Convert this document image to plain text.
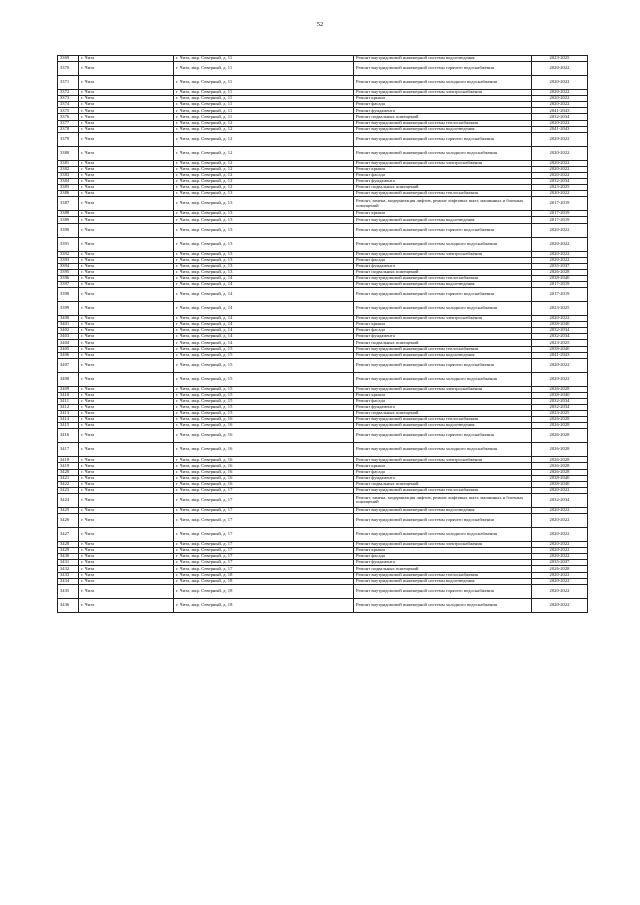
52
3369	г. Чита	г. Чита, мкр. Северный, д. 11	Ремонт внутридомовой инженерной системы водоотведения	2023-2025
3370	г. Чита	г. Чита, мкр. Северный, д. 11	Ремонт внутридомовой инженерной системы горячего водоснабжения	2020-2022
3371	г. Чита	г. Чита, мкр. Северный, д. 11	Ремонт внутридомовой инженерной системы холодного водоснабжения	2020-2022
3372	г. Чита	г. Чита, мкр. Северный, д. 11	Ремонт внутридомовой инженерной системы электроснабжения	2020-2022
3373	г. Чита	г. Чита, мкр. Северный, д. 11	Ремонт крыши	2020-2022
3374	г. Чита	г. Чита, мкр. Северный, д. 11	Ремонт фасада	2020-2022
3375	г. Чита	г. Чита, мкр. Северный, д. 11	Ремонт фундамента	2041-2043
3376	г. Чита	г. Чита, мкр. Северный, д. 11	Ремонт подвальных помещений	2032-2034
3377	г. Чита	г. Чита, мкр. Северный, д. 12	Ремонт внутридомовой инженерной системы теплоснабжения	2020-2022
3378	г. Чита	г. Чита, мкр. Северный, д. 12	Ремонт внутридомовой инженерной системы водоотведения	2041-2043
3379	г. Чита	г. Чита, мкр. Северный, д. 12	Ремонт внутридомовой инженерной системы горячего водоснабжения	2020-2022
3380	г. Чита	г. Чита, мкр. Северный, д. 12	Ремонт внутридомовой инженерной системы холодного водоснабжения	2020-2022
3381	г. Чита	г. Чита, мкр. Северный, д. 12	Ремонт внутридомовой инженерной системы электроснабжения	2020-2022
3382	г. Чита	г. Чита, мкр. Северный, д. 12	Ремонт крыши	2020-2022
3383	г. Чита	г. Чита, мкр. Северный, д. 12	Ремонт фасада	2020-2022
3384	г. Чита	г. Чита, мкр. Северный, д. 12	Ремонт фундамента	2032-2034
3385	г. Чита	г. Чита, мкр. Северный, д. 12	Ремонт подвальных помещений	2023-2025
3386	г. Чита	г. Чита, мкр. Северный, д. 13	Ремонт внутридомовой инженерной системы теплоснабжения	2020-2022
3387	г. Чита	г. Чита, мкр. Северный, д. 13	Ремонт, замена, модернизация лифтов, ремонт лифтовых шахт, машинных и блочных помещений	2017-2019
3388	г. Чита	г. Чита, мкр. Северный, д. 13	Ремонт крыши	2017-2019
3389	г. Чита	г. Чита, мкр. Северный, д. 13	Ремонт внутридомовой инженерной системы водоотведения	2017-2019
3390	г. Чита	г. Чита, мкр. Северный, д. 13	Ремонт внутридомовой инженерной системы горячего водоснабжения	2020-2022
3391	г. Чита	г. Чита, мкр. Северный, д. 13	Ремонт внутридомовой инженерной системы холодного водоснабжения	2020-2022
3392	г. Чита	г. Чита, мкр. Северный, д. 13	Ремонт внутридомовой инженерной системы электроснабжения	2020-2022
3393	г. Чита	г. Чита, мкр. Северный, д. 13	Ремонт фасада	2020-2022
3394	г. Чита	г. Чита, мкр. Северный, д. 13	Ремонт фундамента	2035-2037
3395	г. Чита	г. Чита, мкр. Северный, д. 13	Ремонт подвальных помещений	2026-2028
3396	г. Чита	г. Чита, мкр. Северный, д. 14	Ремонт внутридомовой инженерной системы теплоснабжения	2038-2040
3397	г. Чита	г. Чита, мкр. Северный, д. 14	Ремонт внутридомовой инженерной системы водоотведения	2017-2019
3398	г. Чита	г. Чита, мкр. Северный, д. 14	Ремонт внутридомовой инженерной системы горячего водоснабжения	2017-2019
3399	г. Чита	г. Чита, мкр. Северный, д. 14	Ремонт внутридомовой инженерной системы холодного водоснабжения	2023-2025
3400	г. Чита	г. Чита, мкр. Северный, д. 14	Ремонт внутридомовой инженерной системы электроснабжения	2020-2022
3401	г. Чита	г. Чита, мкр. Северный, д. 14	Ремонт крыши	2038-2040
3402	г. Чита	г. Чита, мкр. Северный, д. 14	Ремонт фасада	2032-2034
3403	г. Чита	г. Чита, мкр. Северный, д. 14	Ремонт фундамента	2032-2034
3404	г. Чита	г. Чита, мкр. Северный, д. 14	Ремонт подвальных помещений	2023-2025
3405	г. Чита	г. Чита, мкр. Северный, д. 15	Ремонт внутридомовой инженерной системы теплоснабжения	2038-2040
3406	г. Чита	г. Чита, мкр. Северный, д. 15	Ремонт внутридомовой инженерной системы водоотведения	2041-2043
3407	г. Чита	г. Чита, мкр. Северный, д. 15	Ремонт внутридомовой инженерной системы горячего водоснабжения	2020-2022
3408	г. Чита	г. Чита, мкр. Северный, д. 15	Ремонт внутридомовой инженерной системы холодного водоснабжения	2020-2022
3409	г. Чита	г. Чита, мкр. Северный, д. 15	Ремонт внутридомовой инженерной системы электроснабжения	2026-2028
3410	г. Чита	г. Чита, мкр. Северный, д. 15	Ремонт крыши	2038-2040
3411	г. Чита	г. Чита, мкр. Северный, д. 15	Ремонт фасада	2032-2034
3412	г. Чита	г. Чита, мкр. Северный, д. 15	Ремонт фундамента	2032-2034
3413	г. Чита	г. Чита, мкр. Северный, д. 15	Ремонт подвальных помещений	2023-2025
3414	г. Чита	г. Чита, мкр. Северный, д. 16	Ремонт внутридомовой инженерной системы теплоснабжения	2026-2028
3415	г. Чита	г. Чита, мкр. Северный, д. 16	Ремонт внутридомовой инженерной системы водоотведения	2026-2028
3416	г. Чита	г. Чита, мкр. Северный, д. 16	Ремонт внутридомовой инженерной системы горячего водоснабжения	2026-2028
3417	г. Чита	г. Чита, мкр. Северный, д. 16	Ремонт внутридомовой инженерной системы холодного водоснабжения	2026-2028
3418	г. Чита	г. Чита, мкр. Северный, д. 16	Ремонт внутридомовой инженерной системы электроснабжения	2026-2028
3419	г. Чита	г. Чита, мкр. Северный, д. 16	Ремонт крыши	2026-2028
3420	г. Чита	г. Чита, мкр. Северный, д. 16	Ремонт фасада	2026-2028
3421	г. Чита	г. Чита, мкр. Северный, д. 16	Ремонт фундамента	2038-2040
3422	г. Чита	г. Чита, мкр. Северный, д. 16	Ремонт подвальных помещений	2038-2040
3423	г. Чита	г. Чита, мкр. Северный, д. 17	Ремонт внутридомовой инженерной системы теплоснабжения	2020-2022
3424	г. Чита	г. Чита, мкр. Северный, д. 17	Ремонт, замена, модернизация лифтов, ремонт лифтовых шахт, машинных и блочных помещений	2032-2034
3425	г. Чита	г. Чита, мкр. Северный, д. 17	Ремонт внутридомовой инженерной системы водоотведения	2020-2022
3426	г. Чита	г. Чита, мкр. Северный, д. 17	Ремонт внутридомовой инженерной системы горячего водоснабжения	2020-2022
3427	г. Чита	г. Чита, мкр. Северный, д. 17	Ремонт внутридомовой инженерной системы холодного водоснабжения	2020-2022
3428	г. Чита	г. Чита, мкр. Северный, д. 17	Ремонт внутридомовой инженерной системы электроснабжения	2020-2022
3429	г. Чита	г. Чита, мкр. Северный, д. 17	Ремонт крыши	2020-2022
3430	г. Чита	г. Чита, мкр. Северный, д. 17	Ремонт фасада	2020-2022
3431	г. Чита	г. Чита, мкр. Северный, д. 17	Ремонт фундамента	2035-2037
3432	г. Чита	г. Чита, мкр. Северный, д. 17	Ремонт подвальных помещений	2026-2028
3433	г. Чита	г. Чита, мкр. Северный, д. 18	Ремонт внутридомовой инженерной системы теплоснабжения	2020-2022
3434	г. Чита	г. Чита, мкр. Северный, д. 18	Ремонт внутридомовой инженерной системы водоотведения	2020-2022
3435	г. Чита	г. Чита, мкр. Северный, д. 18	Ремонт внутридомовой инженерной системы горячего водоснабжения	2020-2022
3436	г. Чита	г. Чита, мкр. Северный, д. 18	Ремонт внутридомовой инженерной системы холодного водоснабжения	2020-2022
